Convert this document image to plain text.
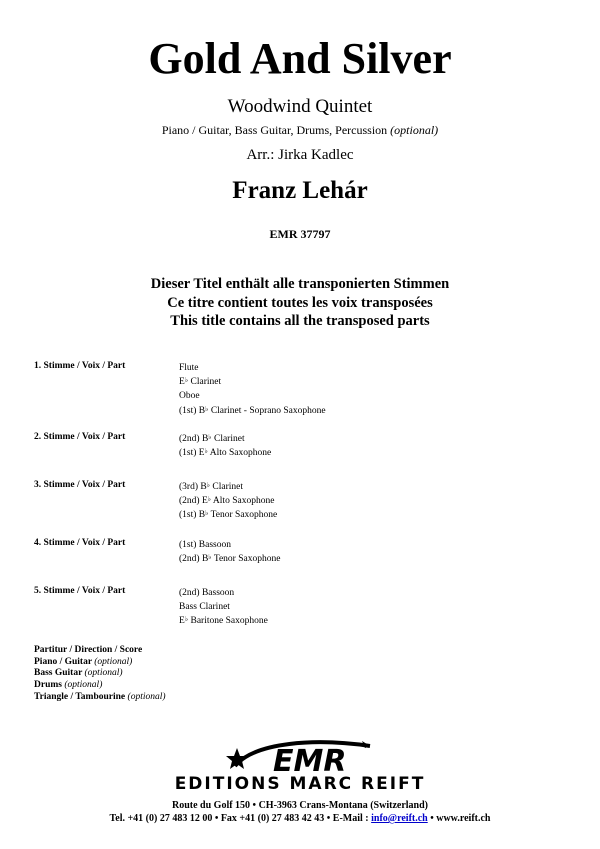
Gold And Silver
Woodwind Quintet
Piano / Guitar, Bass Guitar, Drums, Percussion (optional)
Arr.: Jirka Kadlec
Franz Lehár
EMR 37797
Dieser Titel enthält alle transponierten Stimmen
Ce titre contient toutes les voix transposées
This title contains all the transposed parts
1. Stimme / Voix / Part	Flute
E♭ Clarinet
Oboe
(1st) B♭ Clarinet - Soprano Saxophone
2. Stimme / Voix / Part	(2nd) B♭ Clarinet
(1st) E♭ Alto Saxophone
3. Stimme / Voix / Part	(3rd) B♭ Clarinet
(2nd) E♭ Alto Saxophone
(1st) B♭ Tenor Saxophone
4. Stimme / Voix / Part	(1st) Bassoon
(2nd) B♭ Tenor Saxophone
5. Stimme / Voix / Part	(2nd) Bassoon
Bass Clarinet
E♭ Baritone Saxophone
Partitur / Direction / Score
Piano / Guitar (optional)
Bass Guitar (optional)
Drums (optional)
Triangle / Tambourine (optional)
EMR
EDITIONS MARC REIFT
Route du Golf 150 • CH-3963 Crans-Montana (Switzerland)
Tel. +41 (0) 27 483 12 00 • Fax +41 (0) 27 483 42 43 • E-Mail : info@reift.ch • www.reift.ch
